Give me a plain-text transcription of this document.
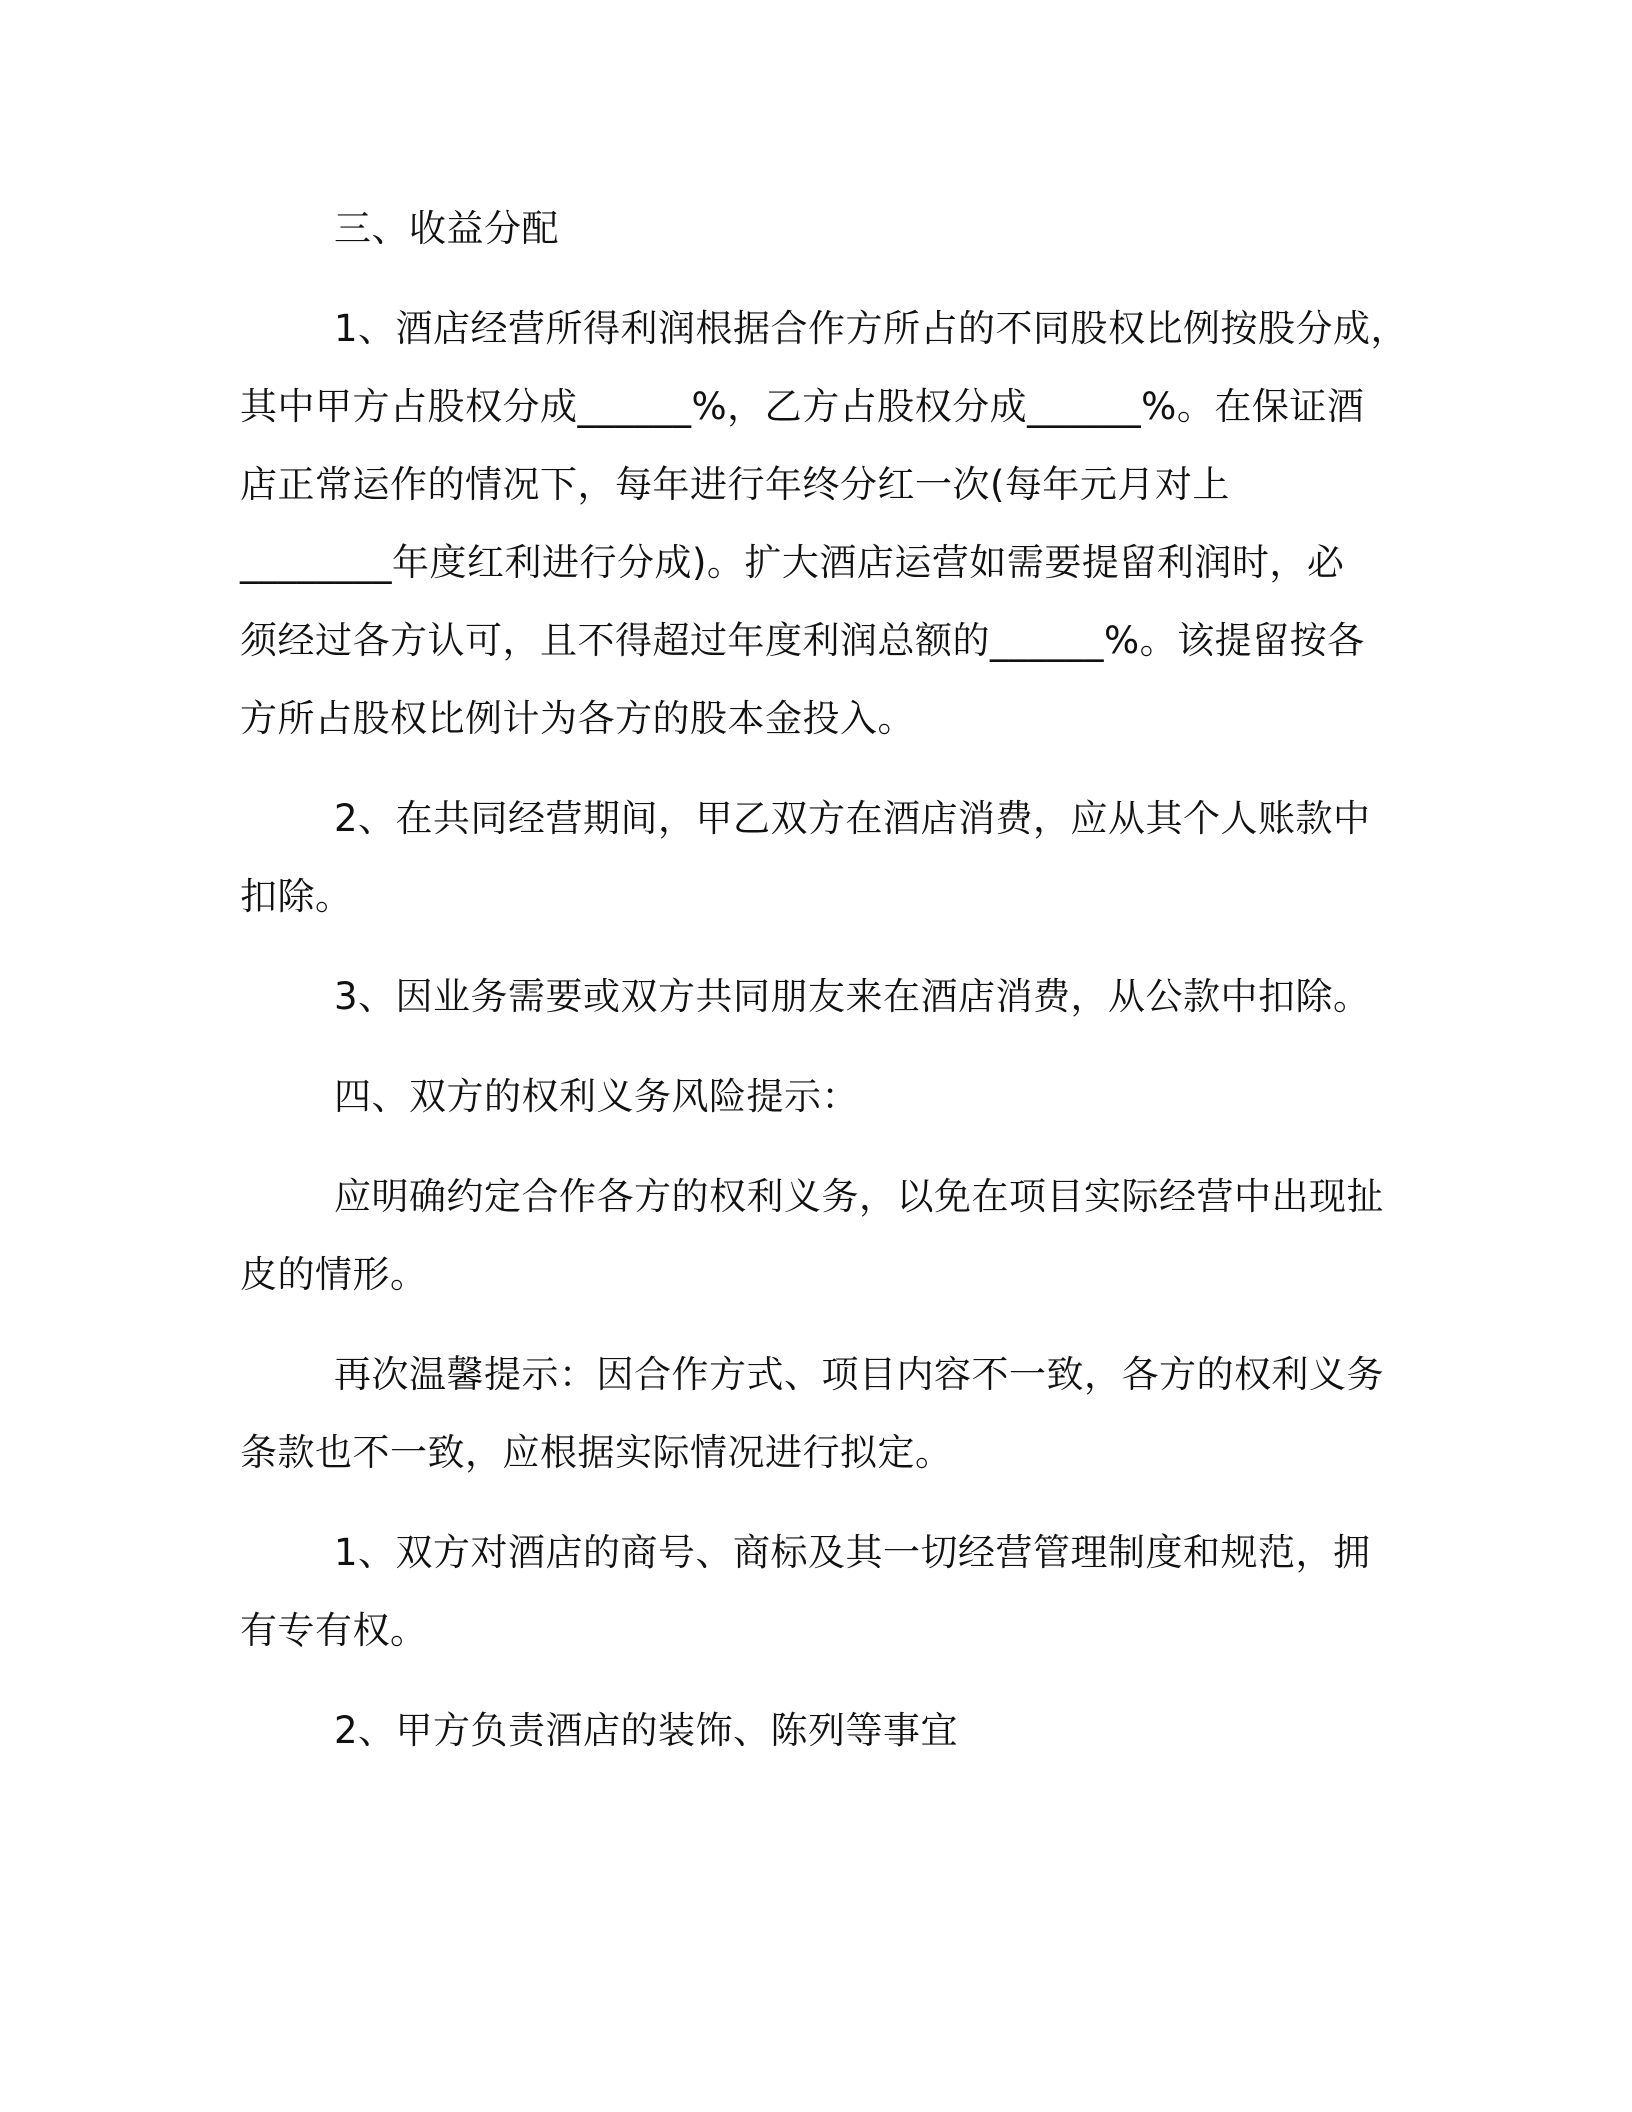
三、收益分配

1、酒店经营所得利润根据合作方所占的不同股权比例按股分成，

其中甲方占股权分成______%，乙方占股权分成______%。在保证酒

店正常运作的情况下，每年进行年终分红一次(每年元月对上

________年度红利进行分成)。扩大酒店运营如需要提留利润时，必

须经过各方认可，且不得超过年度利润总额的______%。该提留按各

方所占股权比例计为各方的股本金投入。

2、在共同经营期间，甲乙双方在酒店消费，应从其个人账款中

扣除。

3、因业务需要或双方共同朋友来在酒店消费，从公款中扣除。

四、双方的权利义务风险提示：

应明确约定合作各方的权利义务，以免在项目实际经营中出现扯

皮的情形。

再次温馨提示：因合作方式、项目内容不一致，各方的权利义务

条款也不一致，应根据实际情况进行拟定。

1、双方对酒店的商号、商标及其一切经营管理制度和规范，拥

有专有权。

2、甲方负责酒店的装饰、陈列等事宜
